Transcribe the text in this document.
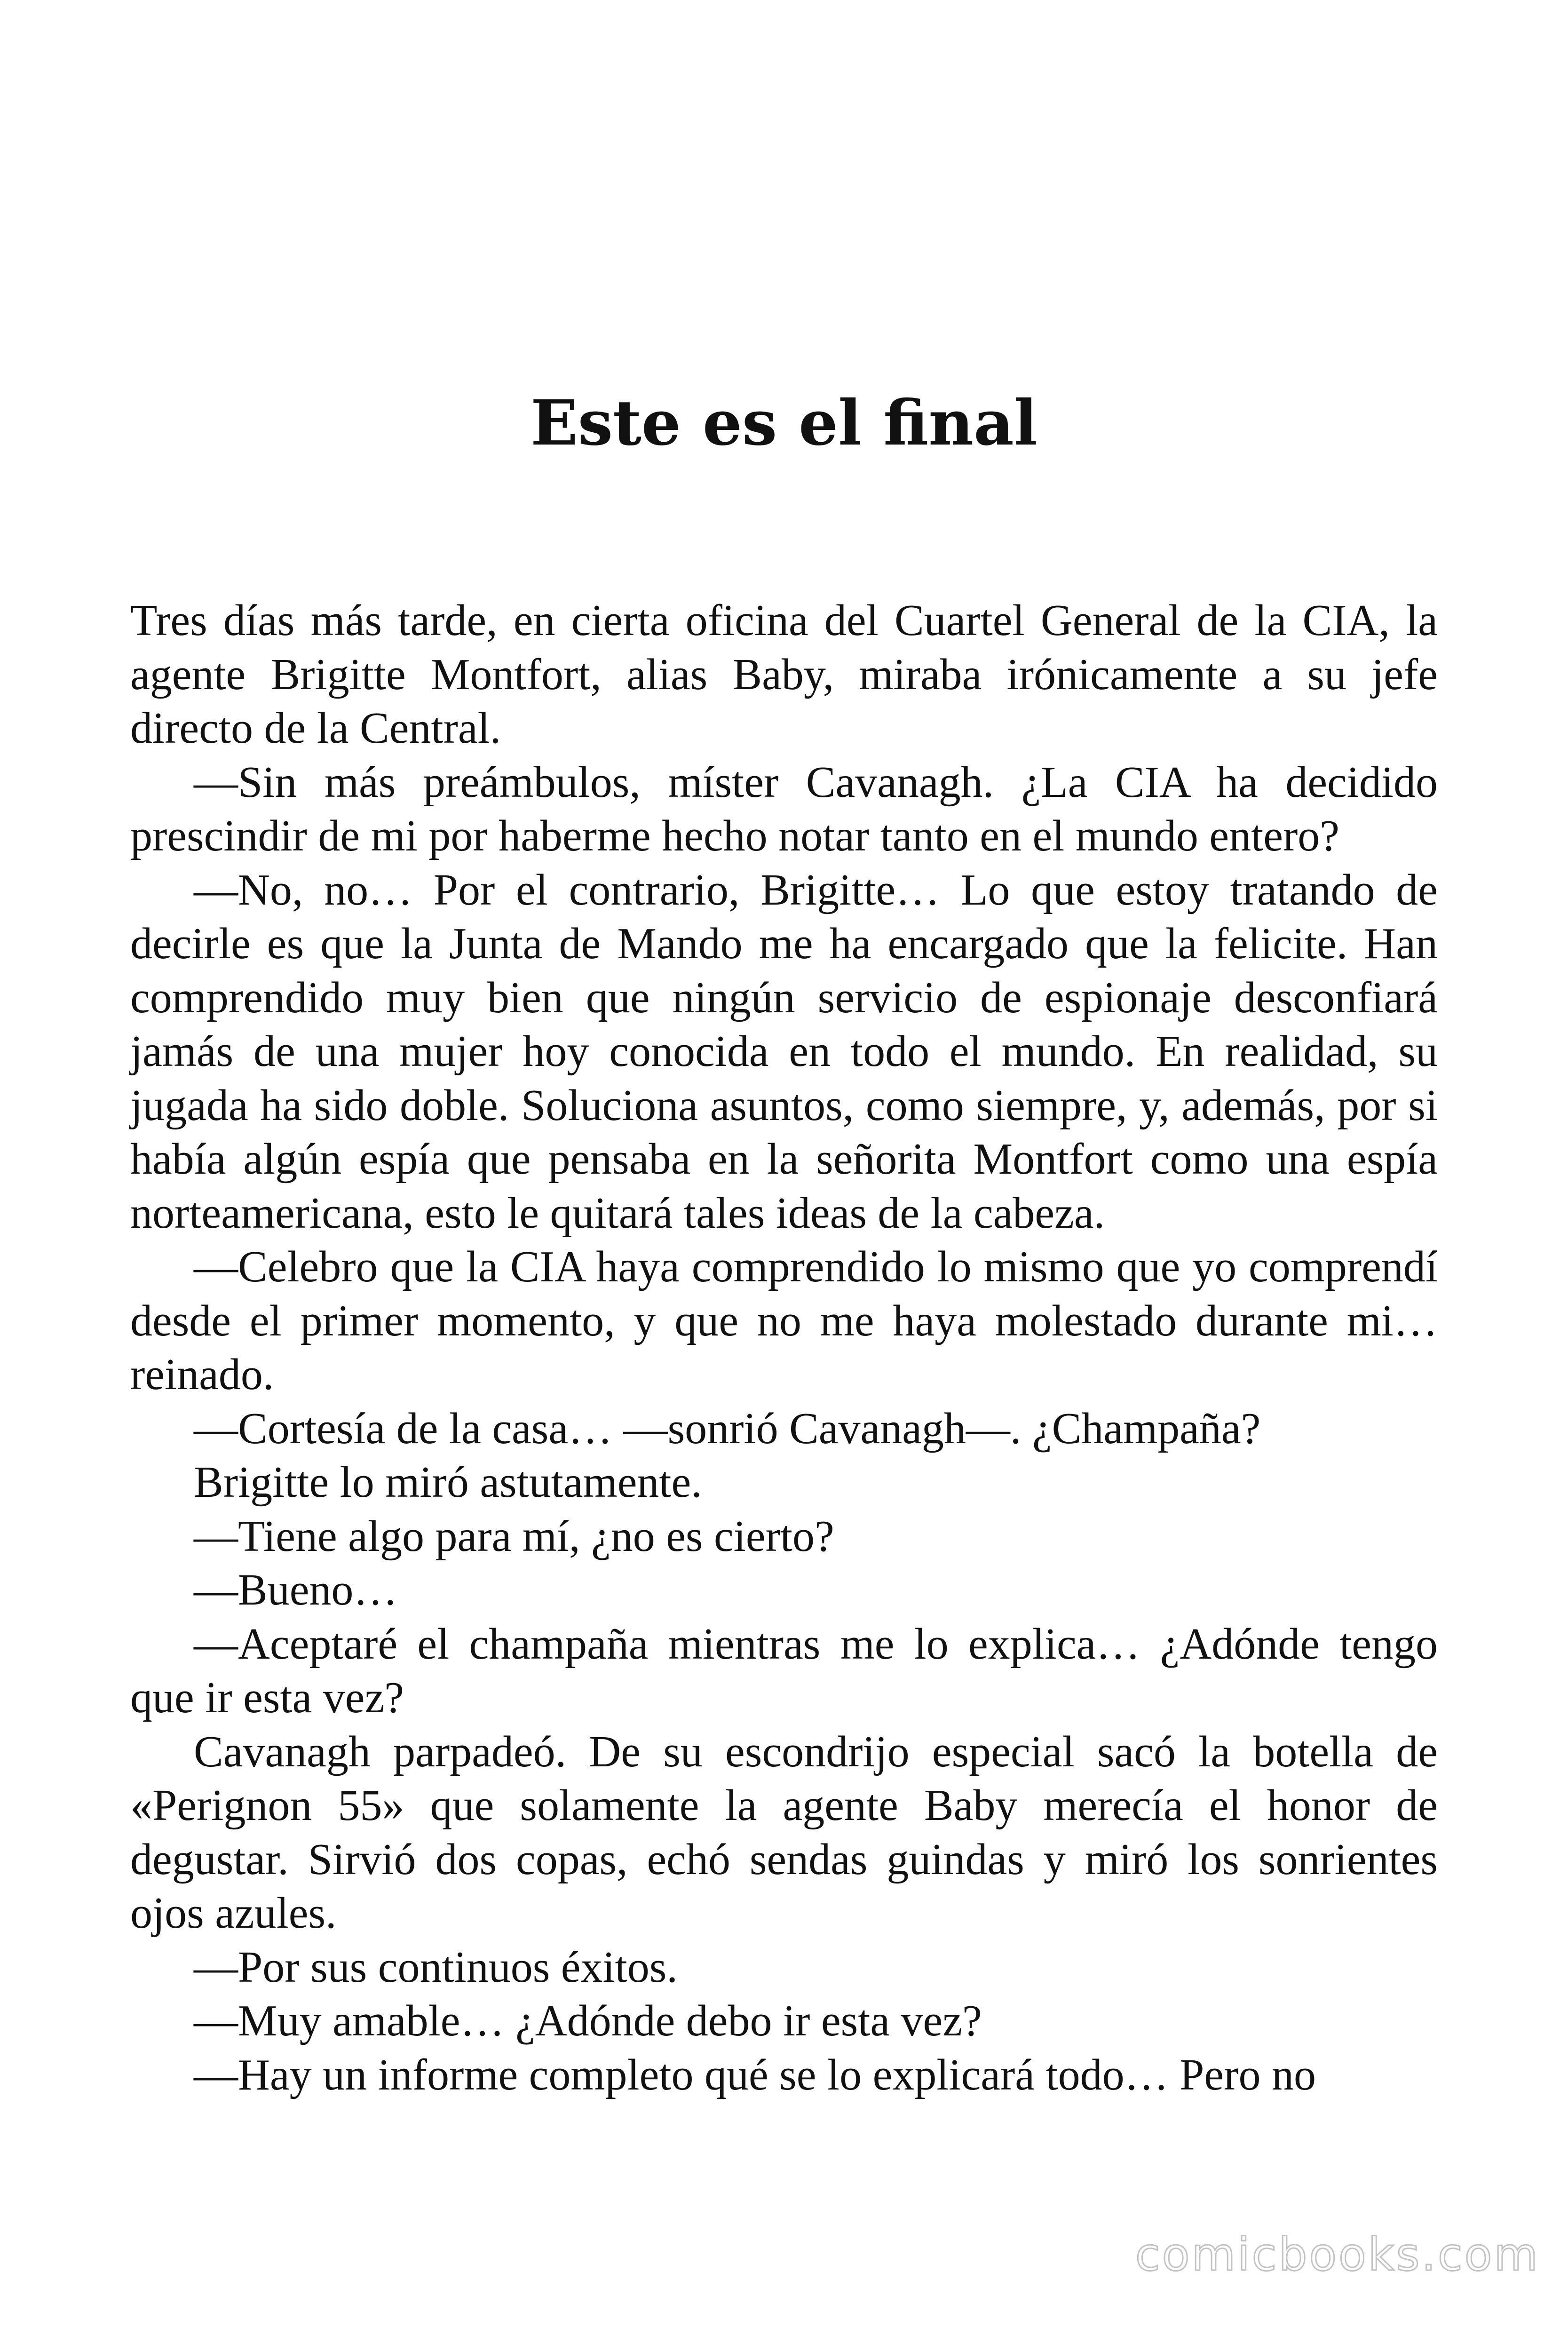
Este es el final

Tres días más tarde, en cierta oficina del Cuartel General de la CIA, la agente Brigitte Montfort, alias Baby, miraba irónicamente a su jefe directo de la Central.

—Sin más preámbulos, míster Cavanagh. ¿La CIA ha decidido prescindir de mi por haberme hecho notar tanto en el mundo entero?

—No, no… Por el contrario, Brigitte… Lo que estoy tratando de decirle es que la Junta de Mando me ha encargado que la felicite. Han comprendido muy bien que ningún servicio de espionaje desconfiará jamás de una mujer hoy conocida en todo el mundo. En realidad, su jugada ha sido doble. Soluciona asuntos, como siempre, y, además, por si había algún espía que pensaba en la señorita Montfort como una espía norteamericana, esto le quitará tales ideas de la cabeza.

—Celebro que la CIA haya comprendido lo mismo que yo comprendí desde el primer momento, y que no me haya molestado durante mi… reinado.

—Cortesía de la casa… —sonrió Cavanagh—. ¿Champaña?

Brigitte lo miró astutamente.

—Tiene algo para mí, ¿no es cierto?

—Bueno…

—Aceptaré el champaña mientras me lo explica… ¿Adónde tengo que ir esta vez?

Cavanagh parpadeó. De su escondrijo especial sacó la botella de «Perignon 55» que solamente la agente Baby merecía el honor de degustar. Sirvió dos copas, echó sendas guindas y miró los sonrientes ojos azules.

—Por sus continuos éxitos.

—Muy amable… ¿Adónde debo ir esta vez?

—Hay un informe completo qué se lo explicará todo… Pero no

comicbooks.com
